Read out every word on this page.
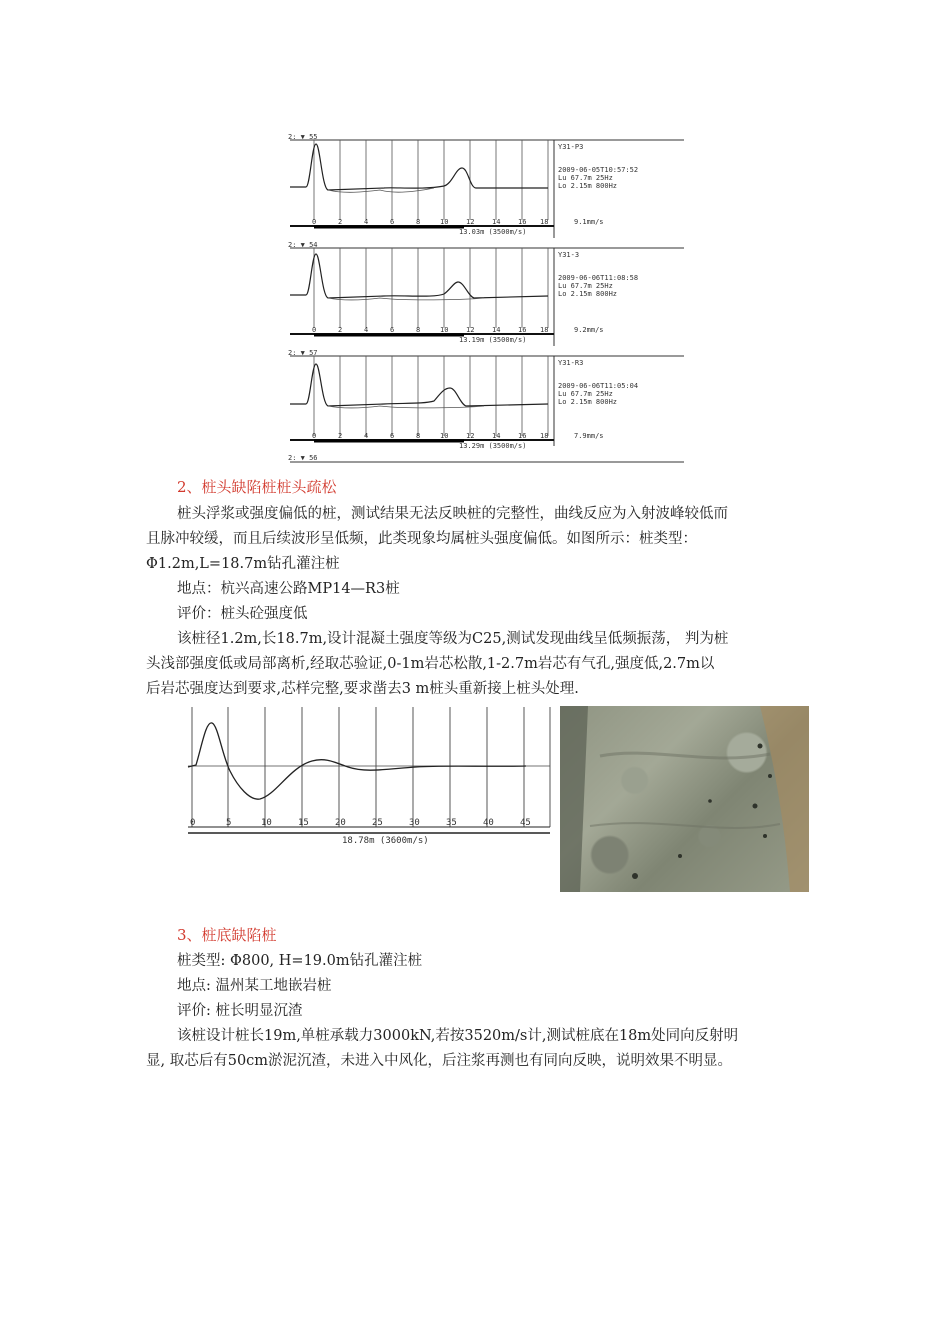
2: ▼ 55
0	2	4	6	8	10	12	14	16 18
13.03m (3500m/s)
9.1mm/s
Y31-P3
2009-06-05T10:57:52
Lu 67.7m 25Hz
Lo 2.15m 800Hz
2: ▼ 54
0	2	4	6	8	10	12	14	16 18
13.19m (3500m/s)
9.2mm/s
Y31-3
2009-06-06T11:08:58
Lu 67.7m 25Hz
Lo 2.15m 800Hz
2: ▼ 57
0	2	4	6	8	10	12	14	16 18
13.29m (3500m/s)
7.9mm/s
Y31-R3
2009-06-06T11:05:04
Lu 67.7m 25Hz
Lo 2.15m 800Hz
2: ▼ 56
2、桩头缺陷桩桩头疏松
桩头浮浆或强度偏低的桩，测试结果无法反映桩的完整性，曲线反应为入射波峰较低而
且脉冲较缓，而且后续波形呈低频，此类现象均属桩头强度偏低。如图所示：桩类型：
Φ1.2m,L=18.7m钻孔灌注桩
地点：杭兴高速公路MP14—R3桩
评价：桩头砼强度低
该桩径1.2m,长18.7m,设计混凝土强度等级为C25,测试发现曲线呈低频振荡， 判为桩
头浅部强度低或局部离析,经取芯验证,0-1m岩芯松散,1-2.7m岩芯有气孔,强度低,2.7m以
后岩芯强度达到要求,芯样完整,要求凿去3 m桩头重新接上桩头处理.
0	5	10	15	20	25	30	35	40	45
18.78m (3600m/s)
3、桩底缺陷桩
桩类型: Φ800, H=19.0m钻孔灌注桩
地点: 温州某工地嵌岩桩
评价: 桩长明显沉渣
该桩设计桩长19m,单桩承载力3000kN,若按3520m/s计,测试桩底在18m处同向反射明
显, 取芯后有50cm淤泥沉渣，未进入中风化，后注浆再测也有同向反映，说明效果不明显。
